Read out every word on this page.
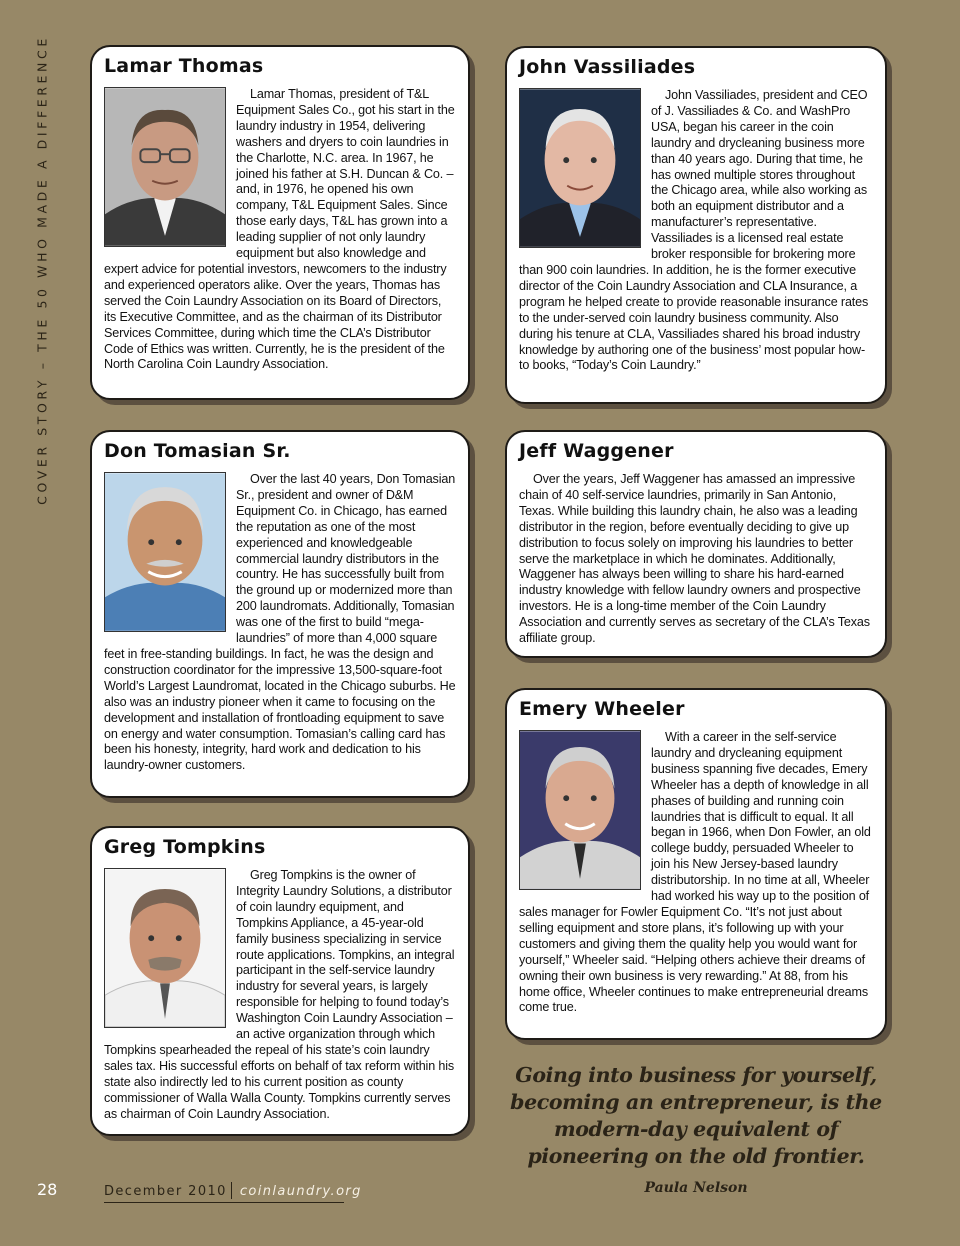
COVER STORY – THE 50 WHO MADE A DIFFERENCE	Lamar Thomas

Lamar Thomas, president of T&L Equipment Sales Co., got his start in the laundry industry in 1954, delivering washers and dryers to coin laundries in the Charlotte, N.C. area. In 1967, he joined his father at S.H. Duncan & Co. – and, in 1976, he opened his own company, T&L Equipment Sales. Since those early days, T&L has grown into a leading supplier of not only laundry equipment but also knowledge and expert advice for potential investors, newcomers to the industry and experienced operators alike. Over the years, Thomas has served the Coin Laundry Association on its Board of Directors, its Executive Committee, and as the chairman of its Distributor Services Committee, during which time the CLA’s Distributor Code of Ethics was written. Currently, he is the president of the North Carolina Coin Laundry Association.

John Vassiliades

John Vassiliades, president and CEO of J. Vassiliades & Co. and WashPro USA, began his career in the coin laundry and drycleaning business more than 40 years ago. During that time, he has owned multiple stores throughout the Chicago area, while also working as both an equipment distributor and a manufacturer’s representative. Vassiliades is a licensed real estate broker responsible for brokering more than 900 coin laundries. In addition, he is the former executive director of the Coin Laundry Association and CLA Insurance, a program he helped create to provide reasonable insurance rates to the under-served coin laundry business community. Also during his tenure at CLA, Vassiliades shared his broad industry knowledge by authoring one of the business’ most popular how-to books, “Today’s Coin Laundry.”

Don Tomasian Sr.

Over the last 40 years, Don Tomasian Sr., president and owner of D&M Equipment Co. in Chicago, has earned the reputation as one of the most experienced and knowledgeable commercial laundry distributors in the country. He has successfully built from the ground up or modernized more than 200 laundromats. Additionally, Tomasian was one of the first to build “mega-laundries” of more than 4,000 square feet in free-standing buildings. In fact, he was the design and construction coordinator for the impressive 13,500-square-foot World’s Largest Laundromat, located in the Chicago suburbs. He also was an industry pioneer when it came to focusing on the development and installation of frontloading equipment to save on energy and water consumption. Tomasian’s calling card has been his honesty, integrity, hard work and dedication to his laundry-owner customers.

Jeff Waggener

Over the years, Jeff Waggener has amassed an impressive chain of 40 self-service laundries, primarily in San Antonio, Texas. While building this laundry chain, he also was a leading distributor in the region, before eventually deciding to give up distribution to focus solely on improving his laundries to better serve the marketplace in which he dominates. Additionally, Waggener has always been willing to share his hard-earned industry knowledge with fellow laundry owners and prospective investors. He is a long-time member of the Coin Laundry Association and currently serves as secretary of the CLA’s Texas affiliate group.

Emery Wheeler

With a career in the self-service laundry and drycleaning equipment business spanning five decades, Emery Wheeler has a depth of knowledge in all phases of building and running coin laundries that is difficult to equal. It all began in 1966, when Don Fowler, an old college buddy, persuaded Wheeler to join his New Jersey-based laundry distributorship. In no time at all, Wheeler had worked his way up to the position of sales manager for Fowler Equipment Co. “It’s not just about selling equipment and store plans, it’s following up with your customers and giving them the quality help you would want for yourself,” Wheeler said. “Helping others achieve their dreams of owning their own business is very rewarding.” At 88, from his home office, Wheeler continues to make entrepreneurial dreams come true.

Greg Tompkins

Greg Tompkins is the owner of Integrity Laundry Solutions, a distributor of coin laundry equipment, and Tompkins Appliance, a 45-year-old family business specializing in service route applications. Tompkins, an integral participant in the self-service laundry industry for several years, is largely responsible for helping to found today’s Washington Coin Laundry Association – an active organization through which Tompkins spearheaded the repeal of his state’s coin laundry sales tax. His successful efforts on behalf of tax reform within his state also indirectly led to his current position as county commissioner of Walla Walla County. Tompkins currently serves as chairman of Coin Laundry Association.

Going into business for yourself, becoming an entrepreneur, is the modern-day equivalent of pioneering on the old frontier.
Paula Nelson
28	December 2010 coinlaundry.org
